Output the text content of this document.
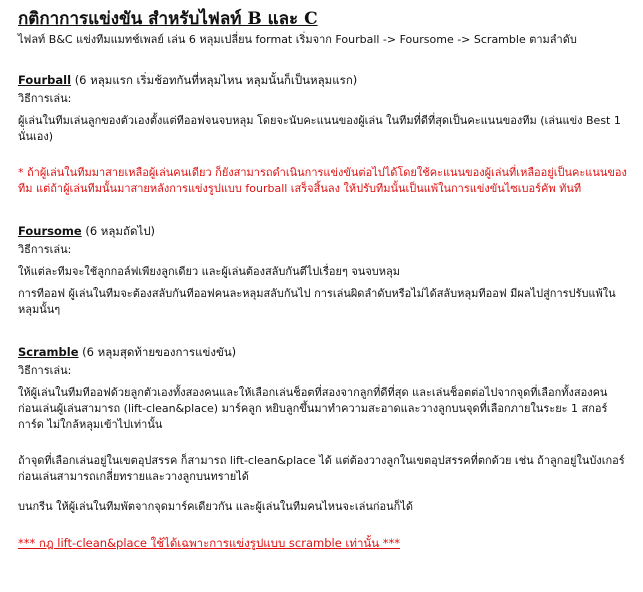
กติกาการแข่งขัน สำหรับไฟลท์ B และ C
ไฟลท์ B&C แข่งทีมแมทช์เพลย์ เล่น 6 หลุมเปลี่ยน format เริ่มจาก Fourball -> Foursome -> Scramble ตามลำดับ
Fourball (6 หลุมแรก เริ่มช้อทกันที่หลุมไหน หลุมนั้นก็เป็นหลุมแรก)
วิธีการเล่น:
ผู้เล่นในทีมเล่นลูกของตัวเองตั้งแต่ทีออฟจนจบหลุม โดยจะนับคะแนนของผู้เล่น ในทีมที่ดีที่สุดเป็นคะแนนของทีม (เล่นแข่ง Best 1 นั่นเอง)
* ถ้าผู้เล่นในทีมมาสายเหลือผู้เล่นคนเดียว ก็ยังสามารถดำเนินการแข่งขันต่อไปได้โดยใช้คะแนนของผู้เล่นที่เหลืออยู่เป็นคะแนนของทีม แต่ถ้าผู้เล่นทีมนั้นมาสายหลังการแข่งรูปแบบ fourball เสร็จสิ้นลง ให้ปรับทีมนั้นเป็นแพ้ในการแข่งขันไซเบอร์คัพ ทันที
Foursome (6 หลุมถัดไป)
วิธีการเล่น:
ให้แต่ละทีมจะใช้ลูกกอล์ฟเพียงลูกเดียว และผู้เล่นต้องสลับกันตีไปเรื่อยๆ จนจบหลุม
การทีออฟ ผู้เล่นในทีมจะต้องสลับกันทีออฟคนละหลุมสลับกันไป การเล่นผิดลำดับหรือไม่ได้สลับหลุมทีออฟ มีผลไปสู่การปรับแพ้ในหลุมนั้นๆ
Scramble (6 หลุมสุดท้ายของการแข่งขัน)
วิธีการเล่น:
ให้ผู้เล่นในทีมทีออฟด้วยลูกตัวเองทั้งสองคนและให้เลือกเล่นช็อตที่สองจากลูกที่ดีที่สุด และเล่นช็อตต่อไปจากจุดที่เลือกทั้งสองคน ก่อนเล่นผู้เล่นสามารถ (lift-clean&place) มาร์คลูก หยิบลูกขึ้นมาทำความสะอาดและวางลูกบนจุดที่เลือกภายในระยะ 1 สกอร์การ์ด ไม่ใกล้หลุมเข้าไปเท่านั้น
ถ้าจุดที่เลือกเล่นอยู่ในเขตอุปสรรค ก็สามารถ lift-clean&place ได้ แต่ต้องวางลูกในเขตอุปสรรคที่ตกด้วย เช่น ถ้าลูกอยู่ในบังเกอร์ ก่อนเล่นสามารถเกลี่ยทรายและวางลูกบนทรายได้
บนกรีน ให้ผู้เล่นในทีมพัตจากจุดมาร์คเดียวกัน และผู้เล่นในทีมคนไหนจะเล่นก่อนก็ได้
*** กฎ lift-clean&place ใช้ได้เฉพาะการแข่งรูปแบบ scramble เท่านั้น ***
